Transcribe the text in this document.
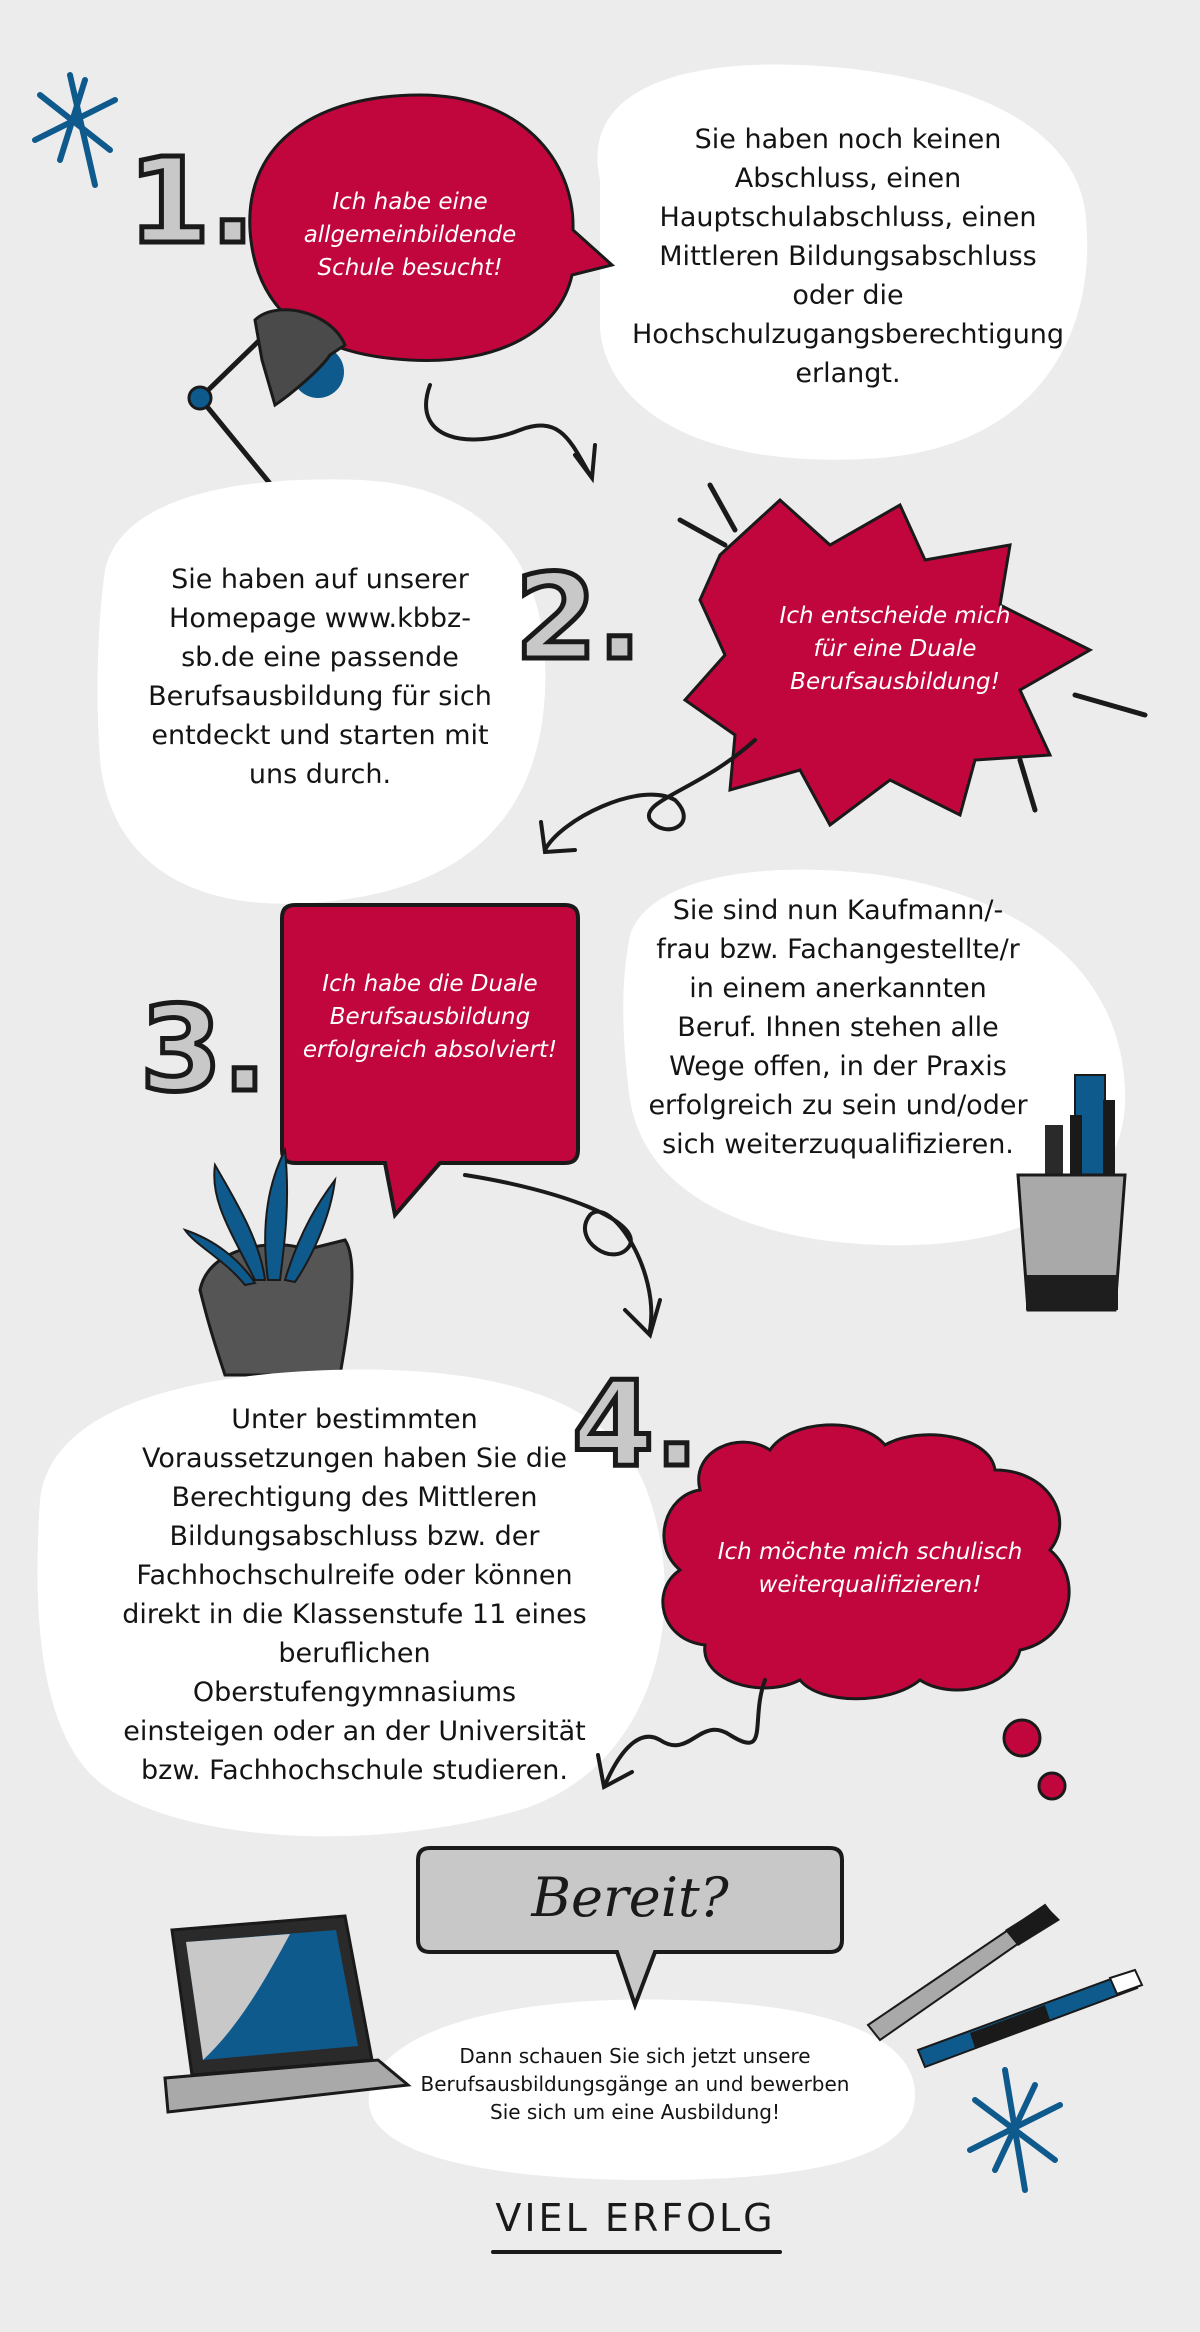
1.
2.
3.
4.
Ich habe eine allgemeinbildende Schule besucht!
Ich entscheide mich für eine Duale Berufsausbildung!
Ich habe die Duale Berufsausbildung erfolgreich absolviert!
Ich möchte mich schulisch weiterqualifizieren!
Sie haben noch keinen Abschluss, einen Hauptschulabschluss, einen Mittleren Bildungsabschluss oder die Hochschulzugangsberechtigung erlangt.
Sie haben auf unserer Homepage www.kbbz-sb.de eine passende Berufsausbildung für sich entdeckt und starten mit uns durch.
Sie sind nun Kaufmann/-frau bzw. Fachangestellte/r in einem anerkannten Beruf. Ihnen stehen alle Wege offen, in der Praxis erfolgreich zu sein und/oder sich weiterzuqualifizieren.
Unter bestimmten Voraussetzungen haben Sie die Berechtigung des Mittleren Bildungsabschluss bzw. der Fachhochschulreife oder können direkt in die Klassenstufe 11 eines beruflichen Oberstufengymnasiums einsteigen oder an der Universität bzw. Fachhochschule studieren.
Bereit?
Dann schauen Sie sich jetzt unsere Berufsausbildungsgänge an und bewerben Sie sich um eine Ausbildung!
VIEL ERFOLG
